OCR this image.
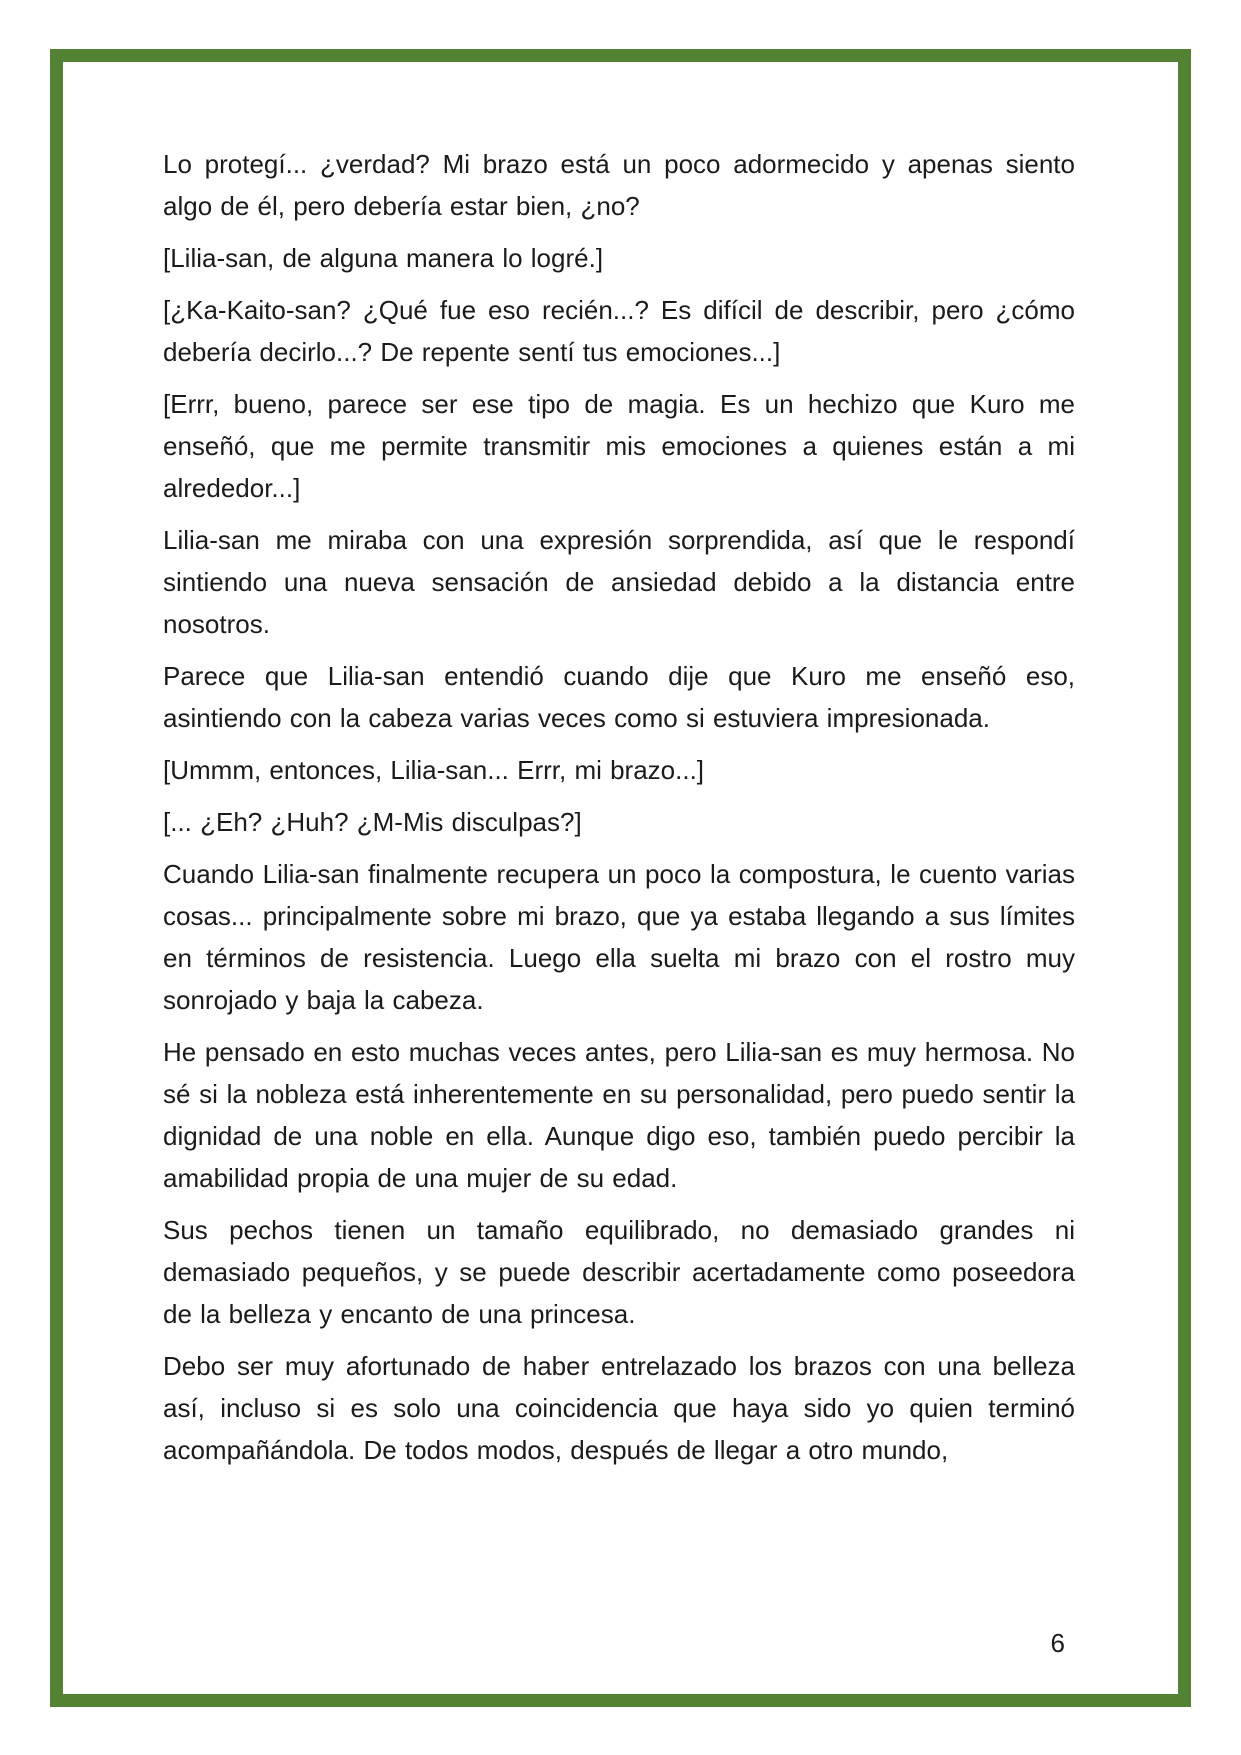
Lo protegí... ¿verdad? Mi brazo está un poco adormecido y apenas siento algo de él, pero debería estar bien, ¿no?

[Lilia-san, de alguna manera lo logré.]

[¿Ka-Kaito-san? ¿Qué fue eso recién...? Es difícil de describir, pero ¿cómo debería decirlo...? De repente sentí tus emociones...]

[Errr, bueno, parece ser ese tipo de magia. Es un hechizo que Kuro me enseñó, que me permite transmitir mis emociones a quienes están a mi alrededor...]

Lilia-san me miraba con una expresión sorprendida, así que le respondí sintiendo una nueva sensación de ansiedad debido a la distancia entre nosotros.

Parece que Lilia-san entendió cuando dije que Kuro me enseñó eso, asintiendo con la cabeza varias veces como si estuviera impresionada.

[Ummm, entonces, Lilia-san... Errr, mi brazo...]

[... ¿Eh? ¿Huh? ¿M-Mis disculpas?]

Cuando Lilia-san finalmente recupera un poco la compostura, le cuento varias cosas... principalmente sobre mi brazo, que ya estaba llegando a sus límites en términos de resistencia. Luego ella suelta mi brazo con el rostro muy sonrojado y baja la cabeza.

He pensado en esto muchas veces antes, pero Lilia-san es muy hermosa. No sé si la nobleza está inherentemente en su personalidad, pero puedo sentir la dignidad de una noble en ella. Aunque digo eso, también puedo percibir la amabilidad propia de una mujer de su edad.

Sus pechos tienen un tamaño equilibrado, no demasiado grandes ni demasiado pequeños, y se puede describir acertadamente como poseedora de la belleza y encanto de una princesa.

Debo ser muy afortunado de haber entrelazado los brazos con una belleza así, incluso si es solo una coincidencia que haya sido yo quien terminó acompañándola. De todos modos, después de llegar a otro mundo,

6
